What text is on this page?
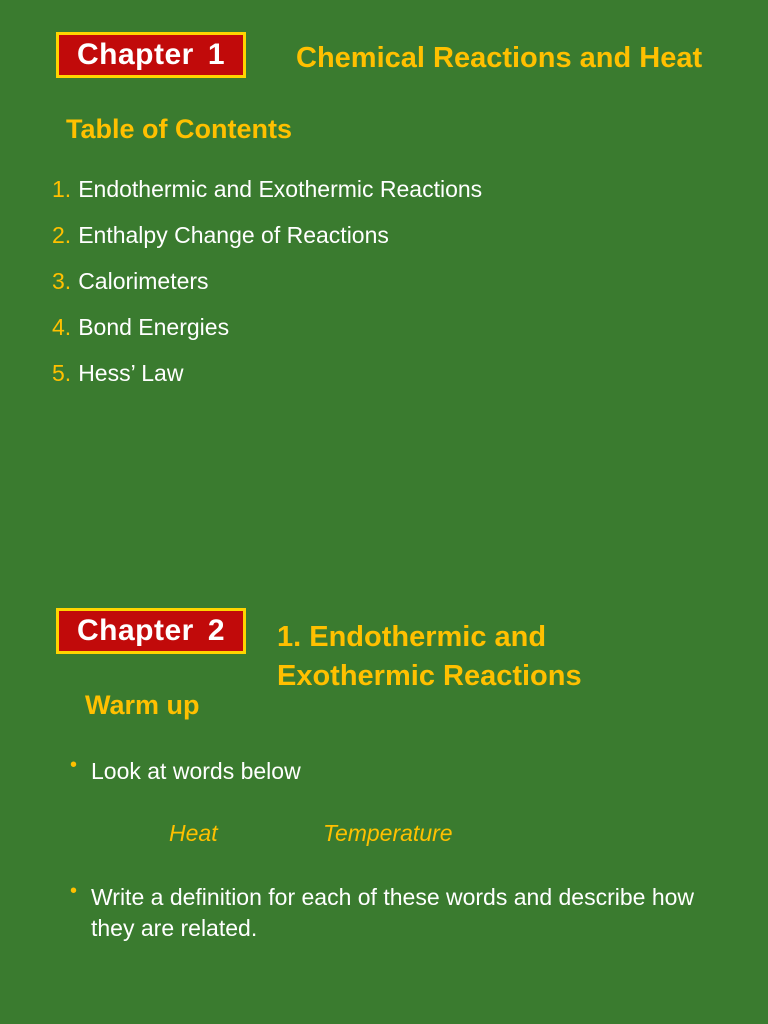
Chapter 1 Chemical Reactions and Heat
Table of Contents
1. Endothermic and Exothermic Reactions
2. Enthalpy Change of Reactions
3. Calorimeters
4. Bond Energies
5. Hess’ Law
Chapter 2 1. Endothermic and
Exothermic Reactions
Warm up
• Look at words below
Heat	Temperature
• Write a definition for each of these words and describe how they are related.
